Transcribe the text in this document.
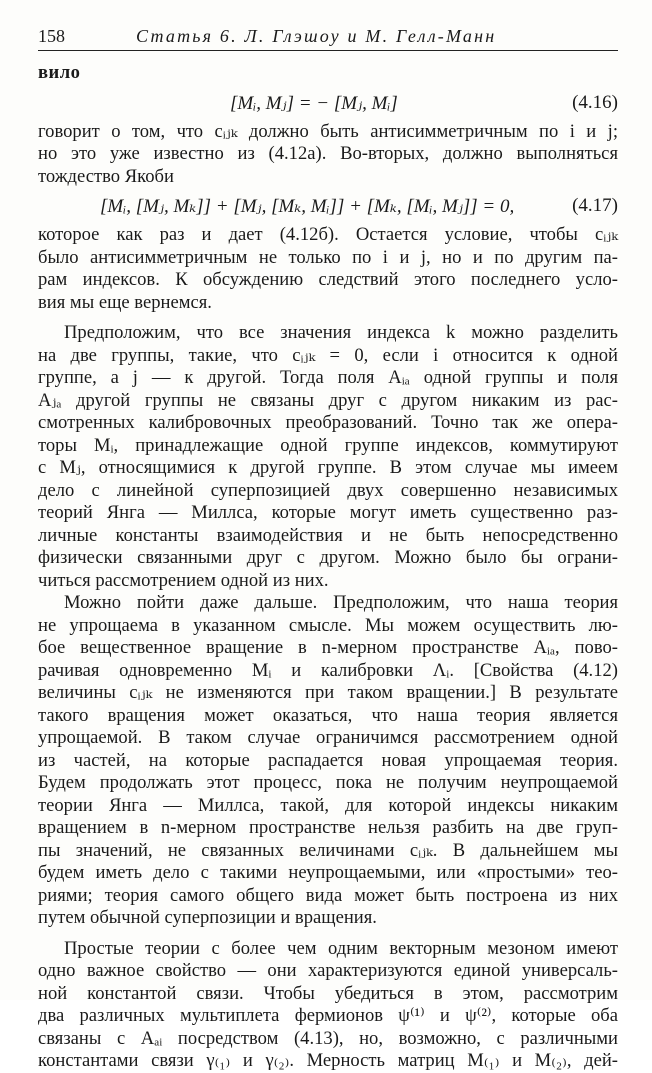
158	Статья 6. Л. Глэшоу и М. Гелл-Манн
вило
[Mᵢ, Mⱼ] = − [Mⱼ, Mᵢ]	(4.16)
говорит о том, что cᵢⱼₖ должно быть антисимметричным по i и j;
но это уже известно из (4.12а). Во-вторых, должно выполняться
тождество Якоби
[Mᵢ, [Mⱼ, Mₖ]] + [Mⱼ, [Mₖ, Mᵢ]] + [Mₖ, [Mᵢ, Mⱼ]] = 0,	(4.17)
которое как раз и дает (4.12б). Остается условие, чтобы cᵢⱼₖ
было антисимметричным не только по i и j, но и по другим па-
рам индексов. К обсуждению следствий этого последнего усло-
вия мы еще вернемся.
Предположим, что все значения индекса k можно разделить
на две группы, такие, что cᵢⱼₖ = 0, если i относится к одной
группе, а j — к другой. Тогда поля Aᵢₐ одной группы и поля
Aⱼₐ другой группы не связаны друг с другом никаким из рас-
смотренных калибровочных преобразований. Точно так же опера-
торы Mᵢ, принадлежащие одной группе индексов, коммутируют
с Mⱼ, относящимися к другой группе. В этом случае мы имеем
дело с линейной суперпозицией двух совершенно независимых
теорий Янга — Миллса, которые могут иметь существенно раз-
личные константы взаимодействия и не быть непосредственно
физически связанными друг с другом. Можно было бы ограни-
читься рассмотрением одной из них.
Можно пойти даже дальше. Предположим, что наша теория
не упрощаема в указанном смысле. Мы можем осуществить лю-
бое вещественное вращение в n-мерном пространстве Aᵢₐ, пово-
рачивая одновременно Mᵢ и калибровки Λᵢ. [Свойства (4.12)
величины cᵢⱼₖ не изменяются при таком вращении.] В результате
такого вращения может оказаться, что наша теория является
упрощаемой. В таком случае ограничимся рассмотрением одной
из частей, на которые распадается новая упрощаемая теория.
Будем продолжать этот процесс, пока не получим неупрощаемой
теории Янга — Миллса, такой, для которой индексы никаким
вращением в n-мерном пространстве нельзя разбить на две груп-
пы значений, не связанных величинами cᵢⱼₖ. В дальнейшем мы
будем иметь дело с такими неупрощаемыми, или «простыми» тео-
риями; теория самого общего вида может быть построена из них
путем обычной суперпозиции и вращения.
Простые теории с более чем одним векторным мезоном имеют
одно важное свойство — они характеризуются единой универсаль-
ной константой связи. Чтобы убедиться в этом, рассмотрим
два различных мультиплета фермионов ψ⁽¹⁾ и ψ⁽²⁾, которые оба
связаны с Aₐᵢ посредством (4.13), но, возможно, с различными
константами связи γ₍₁₎ и γ₍₂₎. Мерность матриц M₍₁₎ и M₍₂₎, дей-
